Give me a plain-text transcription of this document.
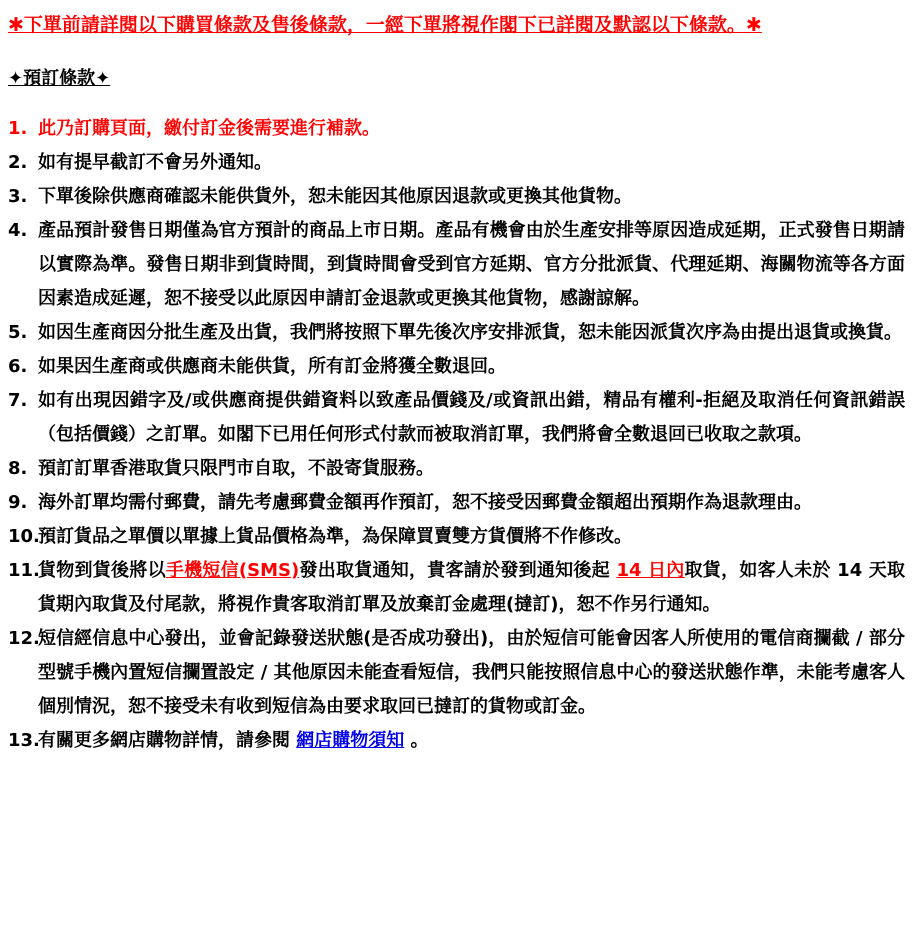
✱下單前請詳閱以下購買條款及售後條款，一經下單將視作閣下已詳閱及默認以下條款。✱
✦預訂條款✦
1. 此乃訂購頁面，繳付訂金後需要進行補款。
2. 如有提早截訂不會另外通知。
3. 下單後除供應商確認未能供貨外，恕未能因其他原因退款或更換其他貨物。
4. 產品預計發售日期僅為官方預計的商品上市日期。產品有機會由於生產安排等原因造成延期，正式發售日期請以實際為準。發售日期非到貨時間，到貨時間會受到官方延期、官方分批派貨、代理延期、海關物流等各方面因素造成延遲，恕不接受以此原因申請訂金退款或更換其他貨物，感謝諒解。
5. 如因生產商因分批生產及出貨，我們將按照下單先後次序安排派貨，恕未能因派貨次序為由提出退貨或換貨。
6. 如果因生產商或供應商未能供貨，所有訂金將獲全數退回。
7. 如有出現因錯字及/或供應商提供錯資料以致產品價錢及/或資訊出錯，精品有權利-拒絕及取消任何資訊錯誤（包括價錢）之訂單。如閣下已用任何形式付款而被取消訂單，我們將會全數退回已收取之款項。
8. 預訂訂單香港取貨只限門市自取，不設寄貨服務。
9. 海外訂單均需付郵費，請先考慮郵費金額再作預訂，恕不接受因郵費金額超出預期作為退款理由。
10.
預訂貨品之單價以單據上貨品價格為準，為保障買賣雙方貨價將不作修改。
11.
貨物到貨後將以手機短信(SMS)發出取貨通知，貴客請於發到通知後起 14 日內取貨，如客人未於 14 天取貨期內取貨及付尾款，將視作貴客取消訂單及放棄訂金處理(撻訂)，恕不作另行通知。
12.
短信經信息中心發出，並會記錄發送狀態(是否成功發出)，由於短信可能會因客人所使用的電信商攔截 / 部分型號手機內置短信攔置設定 / 其他原因未能查看短信，我們只能按照信息中心的發送狀態作準，未能考慮客人個別情況，恕不接受未有收到短信為由要求取回已撻訂的貨物或訂金。
13.
有關更多網店購物詳情，請參閱 網店購物須知 。
